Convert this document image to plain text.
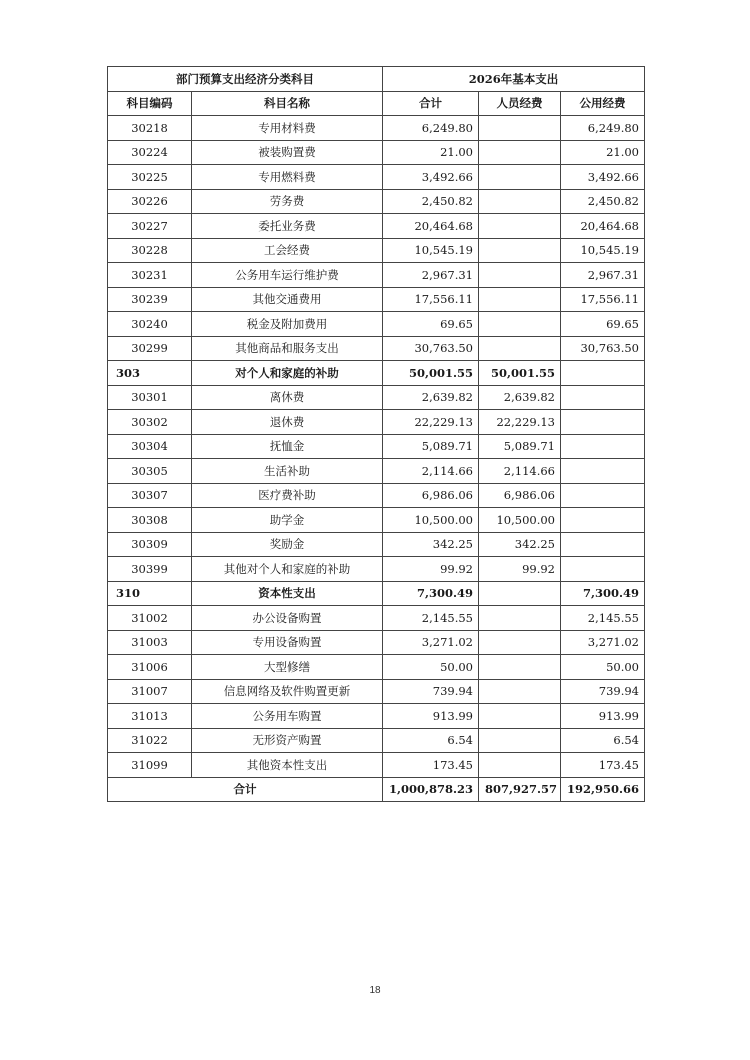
部门预算支出经济分类科目		2026年基本支出		
科目编码	科目名称	合计	人员经费	公用经费
30218	专用材料费	6,249.80		6,249.80
30224	被装购置费	21.00		21.00
30225	专用燃料费	3,492.66		3,492.66
30226	劳务费	2,450.82		2,450.82
30227	委托业务费	20,464.68		20,464.68
30228	工会经费	10,545.19		10,545.19
30231	公务用车运行维护费	2,967.31		2,967.31
30239	其他交通费用	17,556.11		17,556.11
30240	税金及附加费用	69.65		69.65
30299	其他商品和服务支出	30,763.50		30,763.50
303	对个人和家庭的补助	50,001.55	50,001.55	
30301	离休费	2,639.82	2,639.82	
30302	退休费	22,229.13	22,229.13	
30304	抚恤金	5,089.71	5,089.71	
30305	生活补助	2,114.66	2,114.66	
30307	医疗费补助	6,986.06	6,986.06	
30308	助学金	10,500.00	10,500.00	
30309	奖励金	342.25	342.25	
30399	其他对个人和家庭的补助	99.92	99.92	
310	资本性支出	7,300.49		7,300.49
31002	办公设备购置	2,145.55		2,145.55
31003	专用设备购置	3,271.02		3,271.02
31006	大型修缮	50.00		50.00
31007	信息网络及软件购置更新	739.94		739.94
31013	公务用车购置	913.99		913.99
31022	无形资产购置	6.54		6.54
31099	其他资本性支出	173.45		173.45
合计		1,000,878.23	807,927.57	192,950.66
18
